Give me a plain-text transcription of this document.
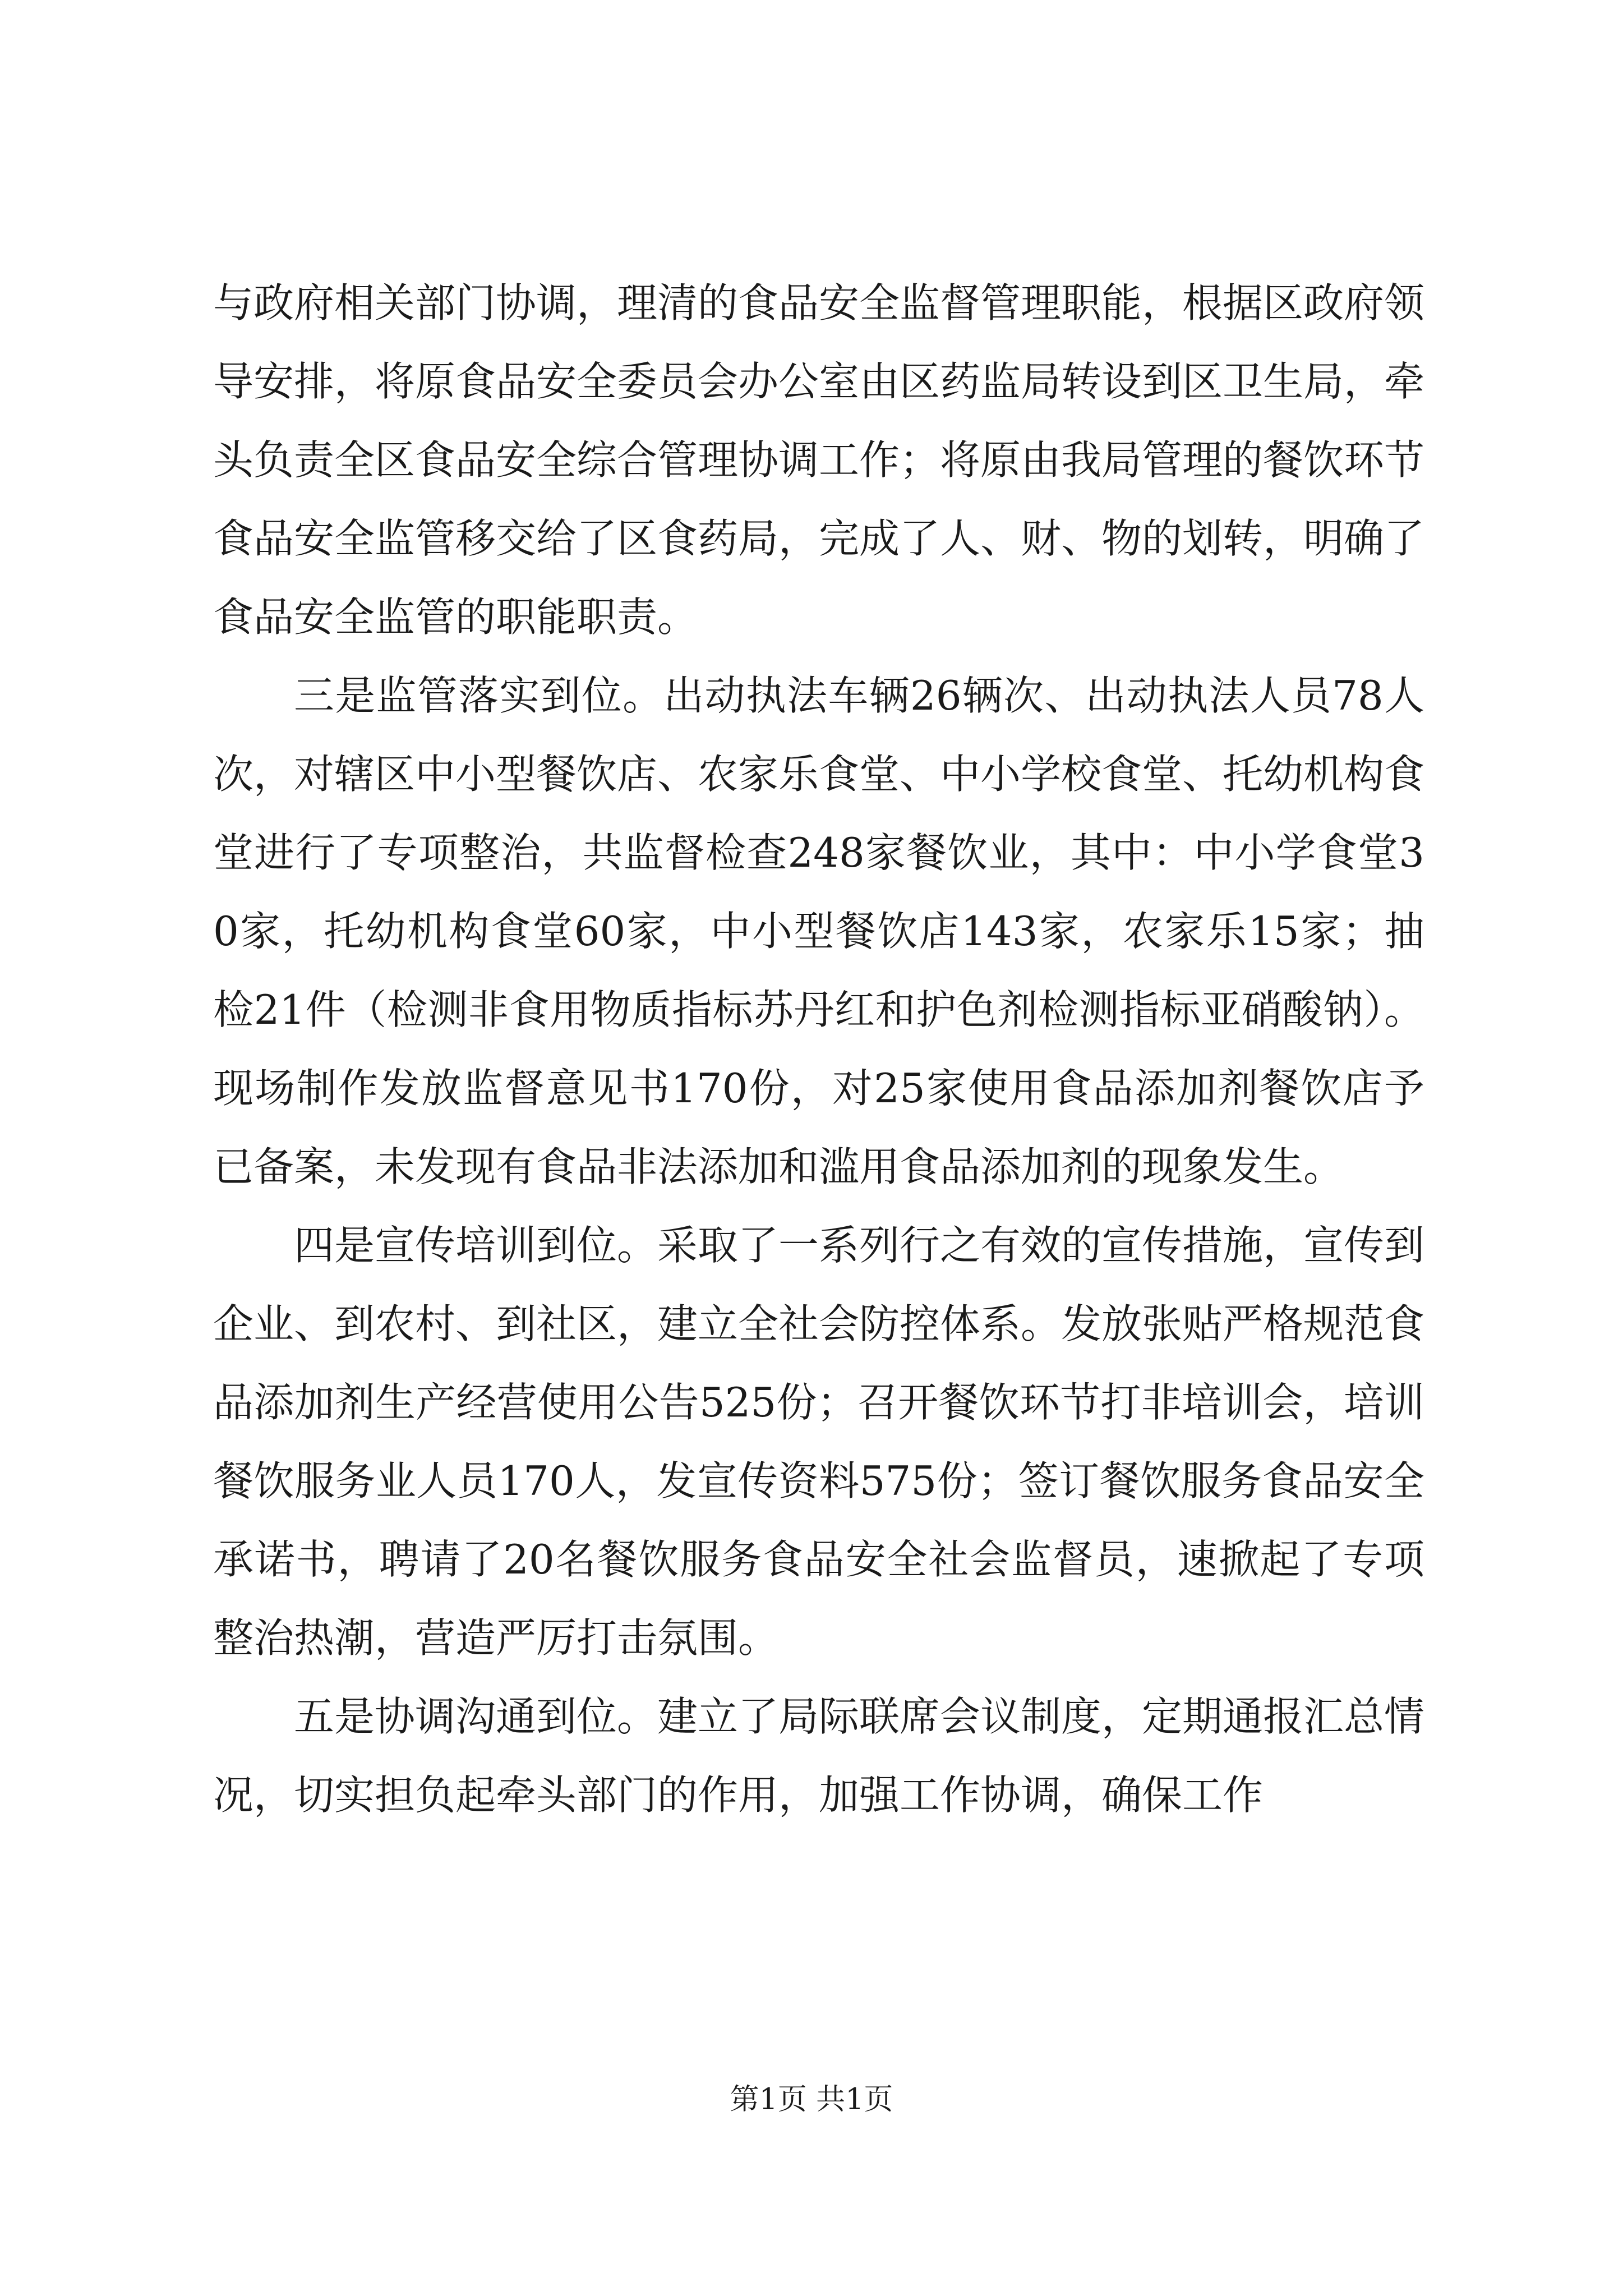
与政府相关部门协调，理清的食品安全监督管理职能，根据区政府领导安排，将原食品安全委员会办公室由区药监局转设到区卫生局，牵头负责全区食品安全综合管理协调工作；将原由我局管理的餐饮环节食品安全监管移交给了区食药局，完成了人、财、物的划转，明确了食品安全监管的职能职责。

三是监管落实到位。出动执法车辆26辆次、出动执法人员78人次，对辖区中小型餐饮店、农家乐食堂、中小学校食堂、托幼机构食堂进行了专项整治，共监督检查248家餐饮业，其中：中小学食堂30家，托幼机构食堂60家，中小型餐饮店143家，农家乐15家；抽检21件（检测非食用物质指标苏丹红和护色剂检测指标亚硝酸钠）。现场制作发放监督意见书170份，对25家使用食品添加剂餐饮店予已备案，未发现有食品非法添加和滥用食品添加剂的现象发生。

四是宣传培训到位。采取了一系列行之有效的宣传措施，宣传到企业、到农村、到社区，建立全社会防控体系。发放张贴严格规范食品添加剂生产经营使用公告525份；召开餐饮环节打非培训会，培训餐饮服务业人员170人，发宣传资料575份；签订餐饮服务食品安全承诺书，聘请了20名餐饮服务食品安全社会监督员，速掀起了专项整治热潮，营造严厉打击氛围。

五是协调沟通到位。建立了局际联席会议制度，定期通报汇总情况，切实担负起牵头部门的作用，加强工作协调，确保工作

第1页 共1页
